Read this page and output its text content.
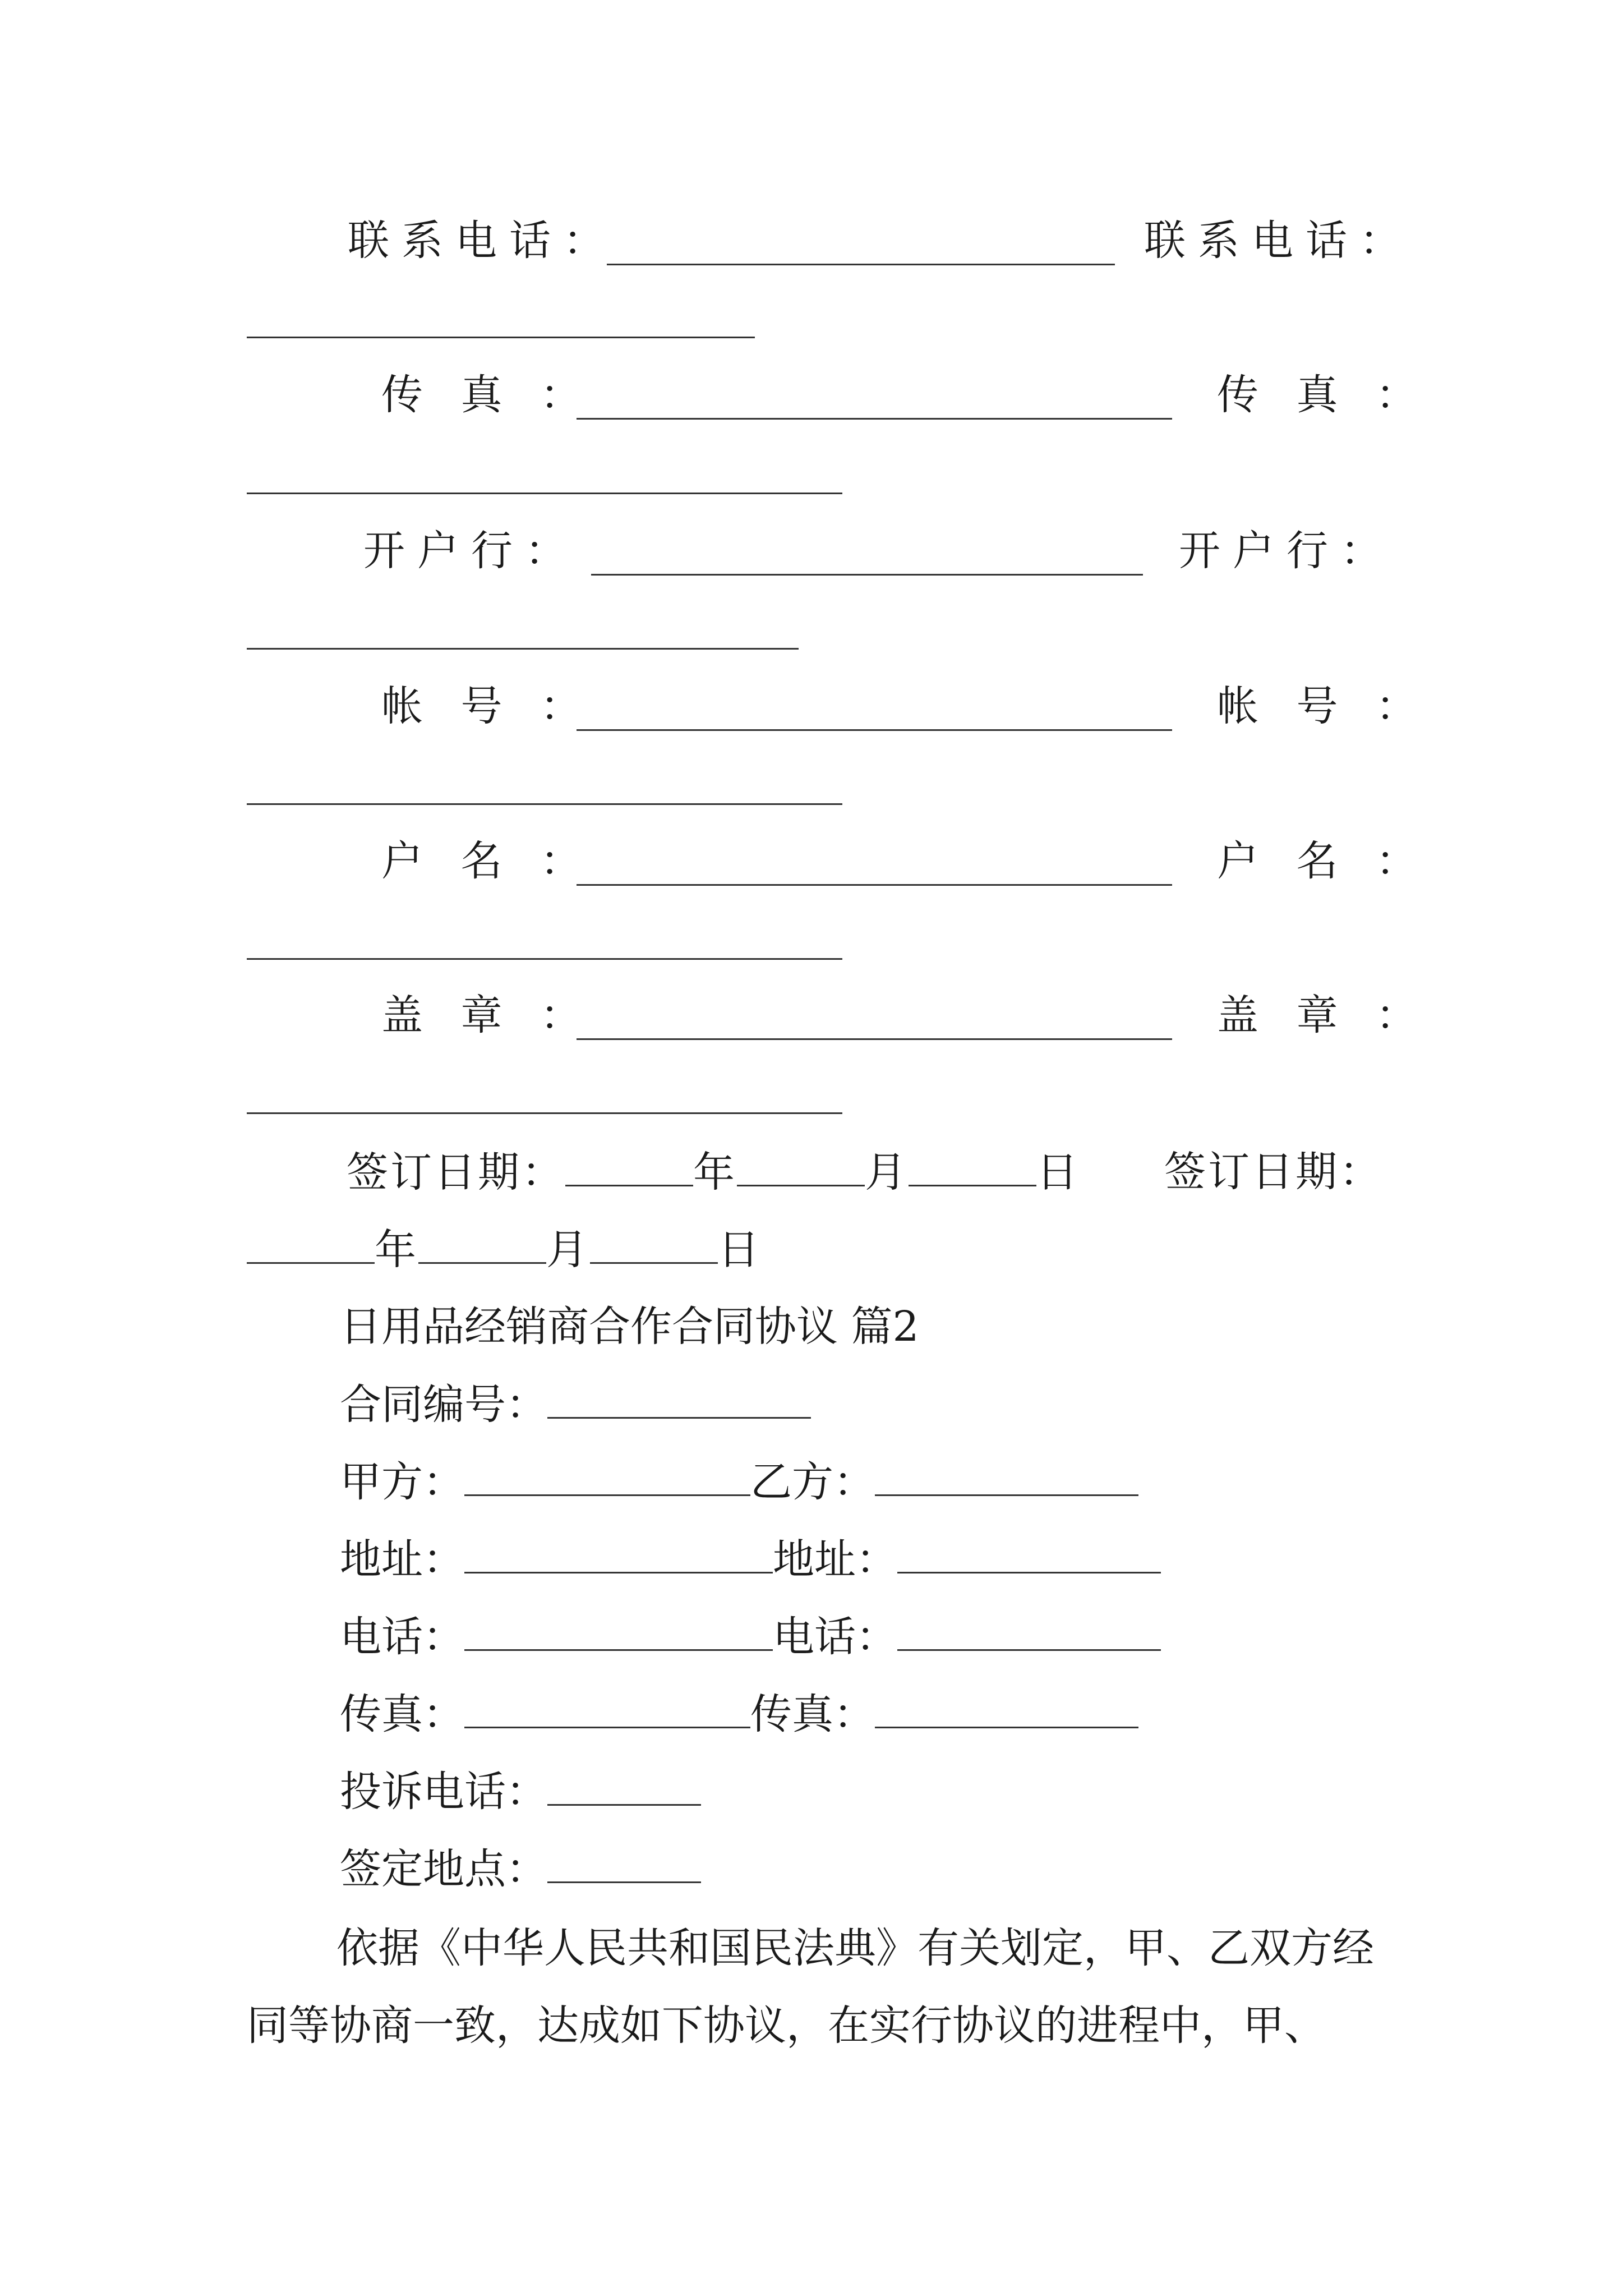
联系电话：	联系电话：
传 真 ：	传 真 ：
开户行：	开户行：
帐 号 ：	帐 号 ：
户 名 ：	户 名 ：
盖 章 ：	盖 章 ：
签订日期：	年	月	日 签订日期：
年	月	日
日用品经销商合作合同协议 篇2
合同编号：
甲方：	乙方：
地址：	地址：
电话：	电话：
传真：	传真：
投诉电话：
签定地点：
依据《中华人民共和国民法典》有关划定，甲、乙双方经同等协商一致，达成如下协议，在实行协议的进程中，甲、
